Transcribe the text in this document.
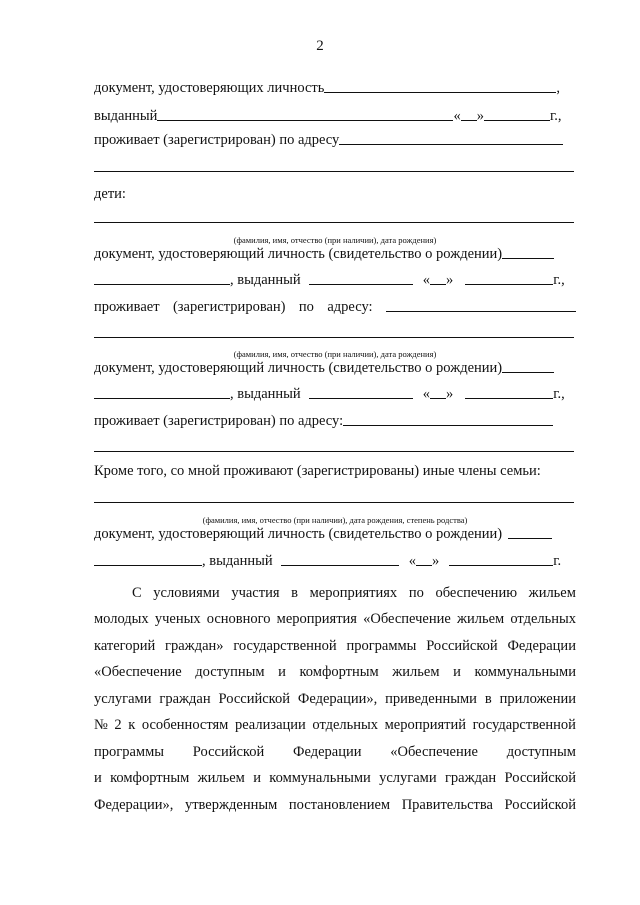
2
документ, удостоверяющих личность	,
выданный	« »	г.,
проживает (зарегистрирован) по адресу
дети:
(фамилия, имя, отчество (при наличии), дата рождения)
документ, удостоверяющий личность (свидетельство о рождении)
, выданный	« »	г.,
проживает (зарегистрирован) по адресу:
(фамилия, имя, отчество (при наличии), дата рождения)
документ, удостоверяющий личность (свидетельство о рождении)
, выданный	« »	г.,
проживает (зарегистрирован) по адресу:
Кроме того, со мной проживают (зарегистрированы) иные члены семьи:
(фамилия, имя, отчество (при наличии), дата рождения, степень родства)
документ, удостоверяющий личность (свидетельство о рождении)
, выданный	« »	г.
С условиями участия в мероприятиях по обеспечению жильем
молодых ученых основного мероприятия «Обеспечение жильем отдельных
категорий граждан» государственной программы Российской Федерации
«Обеспечение доступным и комфортным жильем и коммунальными
услугами граждан Российской Федерации», приведенными в приложении
№ 2 к особенностям реализации отдельных мероприятий государственной
программы Российской Федерации «Обеспечение доступным
и комфортным жильем и коммунальными услугами граждан Российской
Федерации», утвержденным постановлением Правительства Российской
